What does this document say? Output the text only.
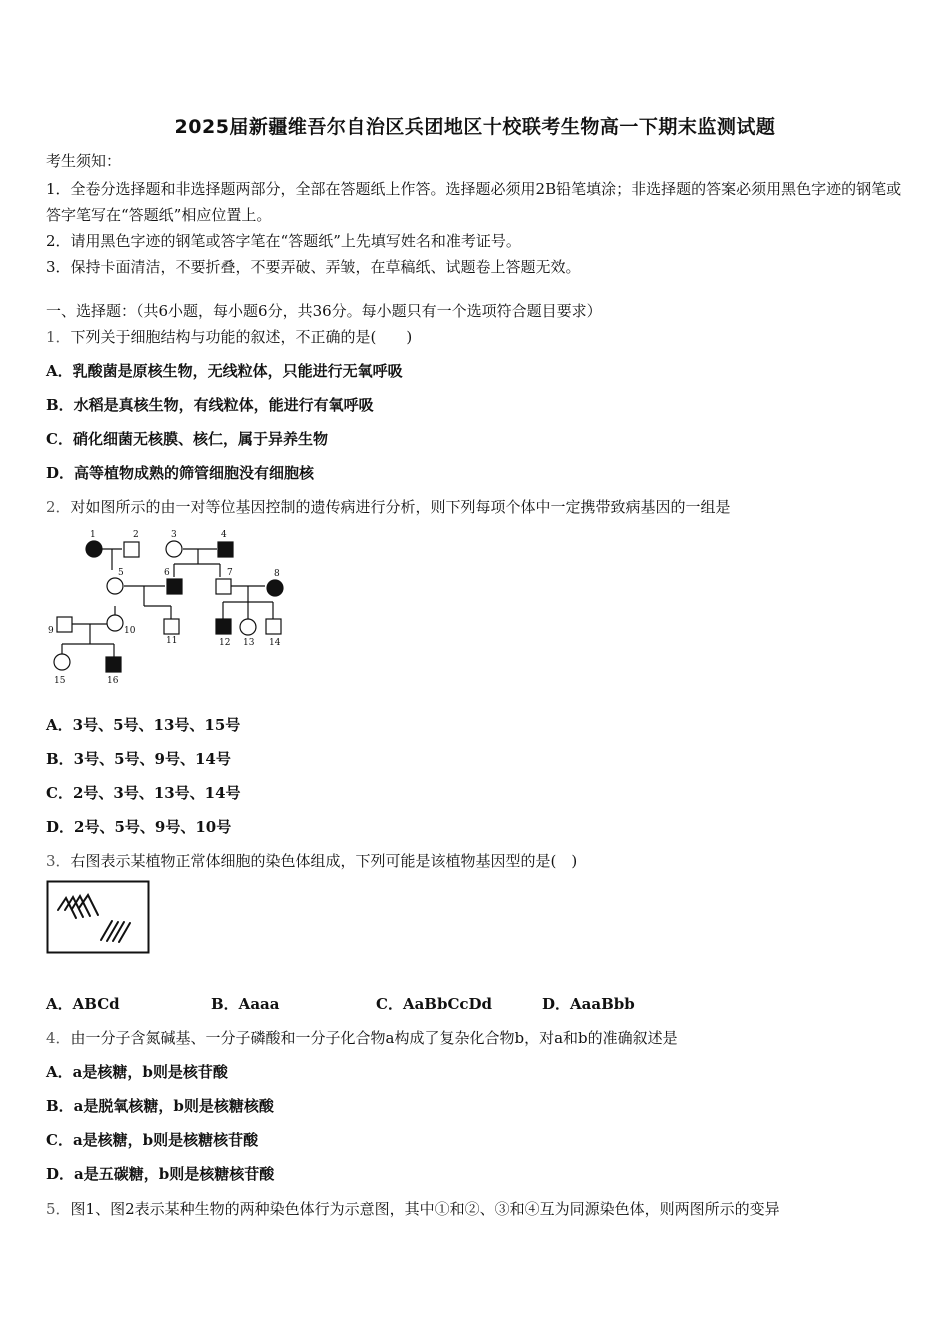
2025届新疆维吾尔自治区兵团地区十校联考生物高一下期末监测试题
考生须知：
1．全卷分选择题和非选择题两部分，全部在答题纸上作答。选择题必须用2B铅笔填涂；非选择题的答案必须用黑色字迹的钢笔或答字笔写在“答题纸”相应位置上。
2．请用黑色字迹的钢笔或答字笔在“答题纸”上先填写姓名和准考证号。
3．保持卡面清洁，不要折叠，不要弄破、弄皱，在草稿纸、试题卷上答题无效。
一、选择题：（共6小题，每小题6分，共36分。每小题只有一个选项符合题目要求）
1．下列关于细胞结构与功能的叙述，不正确的是(　　)
A．乳酸菌是原核生物，无线粒体，只能进行无氧呼吸
B．水稻是真核生物，有线粒体，能进行有氧呼吸
C．硝化细菌无核膜、核仁，属于异养生物
D．高等植物成熟的筛管细胞没有细胞核
2．对如图所示的由一对等位基因控制的遗传病进行分析，则下列每项个体中一定携带致病基因的一组是
1	2	3	4
5	6	7	8
9	10
11	12 13 14
15	16
A．3号、5号、13号、15号
B．3号、5号、9号、14号
C．2号、3号、13号、14号
D．2号、5号、9号、10号
3．右图表示某植物正常体细胞的染色体组成，下列可能是该植物基因型的是(　)
A．ABCd	B．Aaaa	C．AaBbCcDd	D．AaaBbb
4．由一分子含氮碱基、一分子磷酸和一分子化合物a构成了复杂化合物b，对a和b的准确叙述是
A．a是核糖，b则是核苷酸
B．a是脱氧核糖，b则是核糖核酸
C．a是核糖，b则是核糖核苷酸
D．a是五碳糖，b则是核糖核苷酸
5．图1、图2表示某种生物的两种染色体行为示意图，其中①和②、③和④互为同源染色体，则两图所示的变异
